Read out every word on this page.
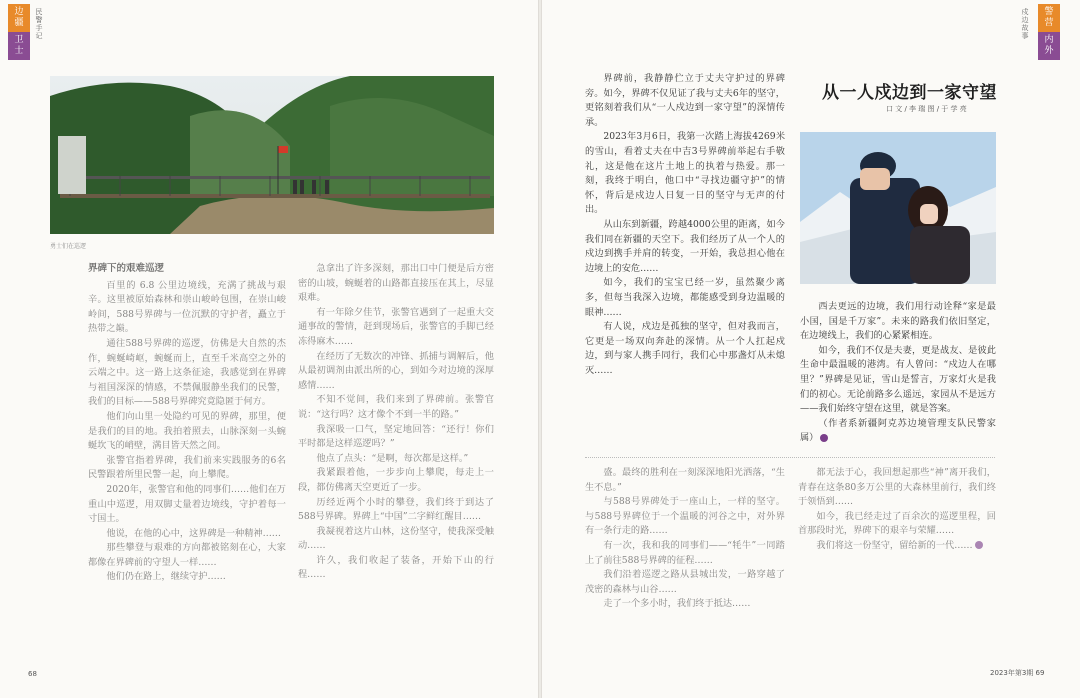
边
疆
卫
士
民警手记
勇士们在巡逻
界碑下的艰难巡逻

百里的 6.8 公里边境线，充满了挑战与艰辛。这里被原始森林和崇山峻岭包围，在崇山峻岭间，588号界碑与一位沉默的守护者，矗立于热带之巅。

通往588号界碑的巡逻，仿佛是大自然的杰作，蜿蜒崎岖，蜿蜒而上，直至千米高空之外的云端之中。这一路上这条征途，我感觉到在界碑与祖国深深的情感，不禁佩服静坐我们的民警，我们的目标——588号界碑究竟隐匿于何方。

他们向山里一处隐约可见的界碑，那里，便是我们的目的地。我拍着照去，山脉深刻一头蜿蜒坎飞的峭壁，满目皆天然之间。

张警官指着界碑，我们前来实践服务的6名民警跟着所里民警一起，向上攀爬。

2020年，张警官和他的同事们……他们在万重山中巡逻，用双脚丈量着边境线，守护着每一寸国土。

他说，在他的心中，这界碑是一种精神……

那些攀登与艰难的方向都被铭刻在心，大家都像在界碑前的守望人一样……

他们仍在路上，继续守护……

急拿出了许多深刻，那出口中门便是后方密密的山坡，蜿蜒着的山路都直接压在其上，尽显艰难。

有一年除夕佳节，张警官遇到了一起重大交通事故的警情，赶到现场后，张警官的手脚已经冻得麻木……

在经历了无数次的冲锋、抓捕与调解后，他从最初调剂由派出所的心，到如今对边境的深厚感情……

不知不觉间，我们来到了界碑前。张警官说：“这行吗？这才像个不到一半的路。”

我深吸一口气，坚定地回答：“还行！你们平时都是这样巡逻吗？”

他点了点头：“是啊，每次都是这样。”

我紧跟着他，一步步向上攀爬，每走上一段，都仿佛离天空更近了一步。

历经近两个小时的攀登，我们终于到达了588号界碑。界碑上“中国”二字鲜红醒目……

我凝视着这片山林，这份坚守，使我深受触动……

许久，我们收起了装备，开始下山的行程……

68
警
营
内
外
戍边故事
从一人戍边到一家守望
口 文 / 李 瑞 图 / 于 学 亮

界碑前，我静静伫立于丈夫守护过的界碑旁。如今，界碑不仅见证了我与丈夫6年的坚守，更铭刻着我们从“一人戍边到一家守望”的深情传承。

2023年3月6日，我第一次踏上海拔4269米的雪山，看着丈夫在中吉3号界碑前举起右手敬礼，这是他在这片土地上的执着与热爱。那一刻，我终于明白，他口中“寻找边疆守护”的情怀，背后是戍边人日复一日的坚守与无声的付出。

从山东到新疆，跨越4000公里的距离，如今我们同在新疆的天空下。我们经历了从一个人的戍边到携手并肩的转变，一开始，我总担心他在边境上的安危……

如今，我们的宝宝已经一岁，虽然聚少离多，但每当我深入边境，都能感受到身边温暖的眼神……

有人说，戍边是孤独的坚守，但对我而言，它更是一场双向奔赴的深情。从一个人扛起戍边，到与家人携手同行，我们心中那盏灯从未熄灭……

西去更远的边境，我们用行动诠释“家是最小国，国是千万家”。未来的路我们依旧坚定，在边境线上，我们的心紧紧相连。

如今，我们不仅是夫妻，更是战友、是彼此生命中最温暖的港湾。有人曾问：“戍边人在哪里？”界碑是见证，雪山是誓言，万家灯火是我们的初心。无论前路多么遥远，家园从不是远方——我们始终守望在这里，就是答案。

（作者系新疆阿克苏边境管理支队民警家属）

盛。最终的胜利在一刻深深地阳光洒落，“生生不息。”

与588号界碑处于一座山上，一样的坚守。与588号界碑位于一个温暖的河谷之中，对外界有一条行走的路……

有一次，我和我的同事们——“牦牛”一同踏上了前往588号界碑的征程……

我们沿着巡逻之路从县城出发，一路穿越了茂密的森林与山谷……

走了一个多小时，我们终于抵达……

都无法于心，我回想起那些“神”离开我们，青春在这条80多万公里的大森林里前行，我们终于领悟到……

如今，我已经走过了百余次的巡逻里程，回首那段时光，界碑下的艰辛与荣耀……

我们将这一份坚守，留给新的一代……

2023年第3期 69
